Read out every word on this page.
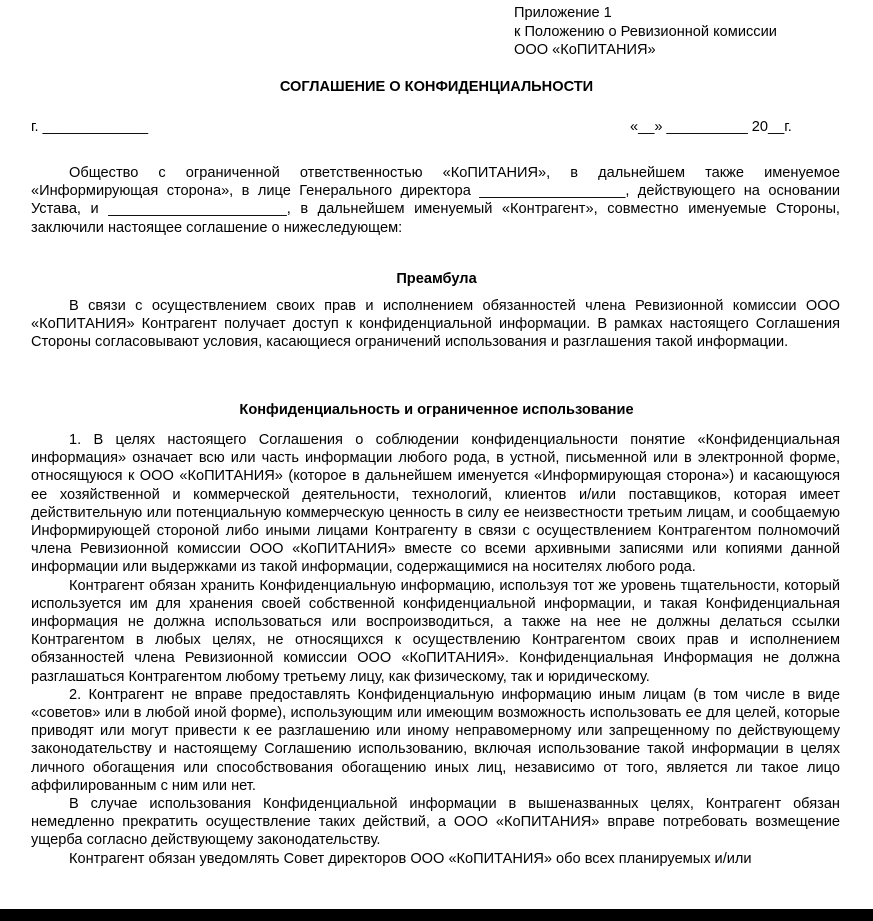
Приложение 1
к Положению о Ревизионной комиссии
ООО «КоПИТАНИЯ»
СОГЛАШЕНИЕ О КОНФИДЕНЦИАЛЬНОСТИ
г. _____________	«__» __________ 20__г.

Общество с ограниченной ответственностью «КоПИТАНИЯ», в дальнейшем также именуемое «Информирующая сторона», в лице Генерального директора __________________, действующего на основании Устава, и ______________________, в дальнейшем именуемый «Контрагент», совместно именуемые Стороны, заключили настоящее соглашение о нижеследующем:

Преамбула

В связи с осуществлением своих прав и исполнением обязанностей члена Ревизионной комиссии ООО «КоПИТАНИЯ» Контрагент получает доступ к конфиденциальной информации. В рамках настоящего Соглашения Стороны согласовывают условия, касающиеся ограничений использования и разглашения такой информации.

Конфиденциальность и ограниченное использование

1. В целях настоящего Соглашения о соблюдении конфиденциальности понятие «Конфиденциальная информация» означает всю или часть информации любого рода, в устной, письменной или в электронной форме, относящуюся к ООО «КоПИТАНИЯ» (которое в дальнейшем именуется «Информирующая сторона») и касающуюся ее хозяйственной и коммерческой деятельности, технологий, клиентов и/или поставщиков, которая имеет действительную или потенциальную коммерческую ценность в силу ее неизвестности третьим лицам, и сообщаемую Информирующей стороной либо иными лицами Контрагенту в связи с осуществлением Контрагентом полномочий члена Ревизионной комиссии ООО «КоПИТАНИЯ» вместе со всеми архивными записями или копиями данной информации или выдержками из такой информации, содержащимися на носителях любого рода.

Контрагент обязан хранить Конфиденциальную информацию, используя тот же уровень тщательности, который используется им для хранения своей собственной конфиденциальной информации, и такая Конфиденциальная информация не должна использоваться или воспроизводиться, а также на нее не должны делаться ссылки Контрагентом в любых целях, не относящихся к осуществлению Контрагентом своих прав и исполнением обязанностей члена Ревизионной комиссии ООО «КоПИТАНИЯ». Конфиденциальная Информация не должна разглашаться Контрагентом любому третьему лицу, как физическому, так и юридическому.

2. Контрагент не вправе предоставлять Конфиденциальную информацию иным лицам (в том числе в виде «советов» или в любой иной форме), использующим или имеющим возможность использовать ее для целей, которые приводят или могут привести к ее разглашению или иному неправомерному или запрещенному по действующему законодательству и настоящему Соглашению использованию, включая использование такой информации в целях личного обогащения или способствования обогащению иных лиц, независимо от того, является ли такое лицо аффилированным с ним или нет.

В случае использования Конфиденциальной информации в вышеназванных целях, Контрагент обязан немедленно прекратить осуществление таких действий, а ООО «КоПИТАНИЯ» вправе потребовать возмещение ущерба согласно действующему законодательству.

Контрагент обязан уведомлять Совет директоров ООО «КоПИТАНИЯ» обо всех планируемых и/или
